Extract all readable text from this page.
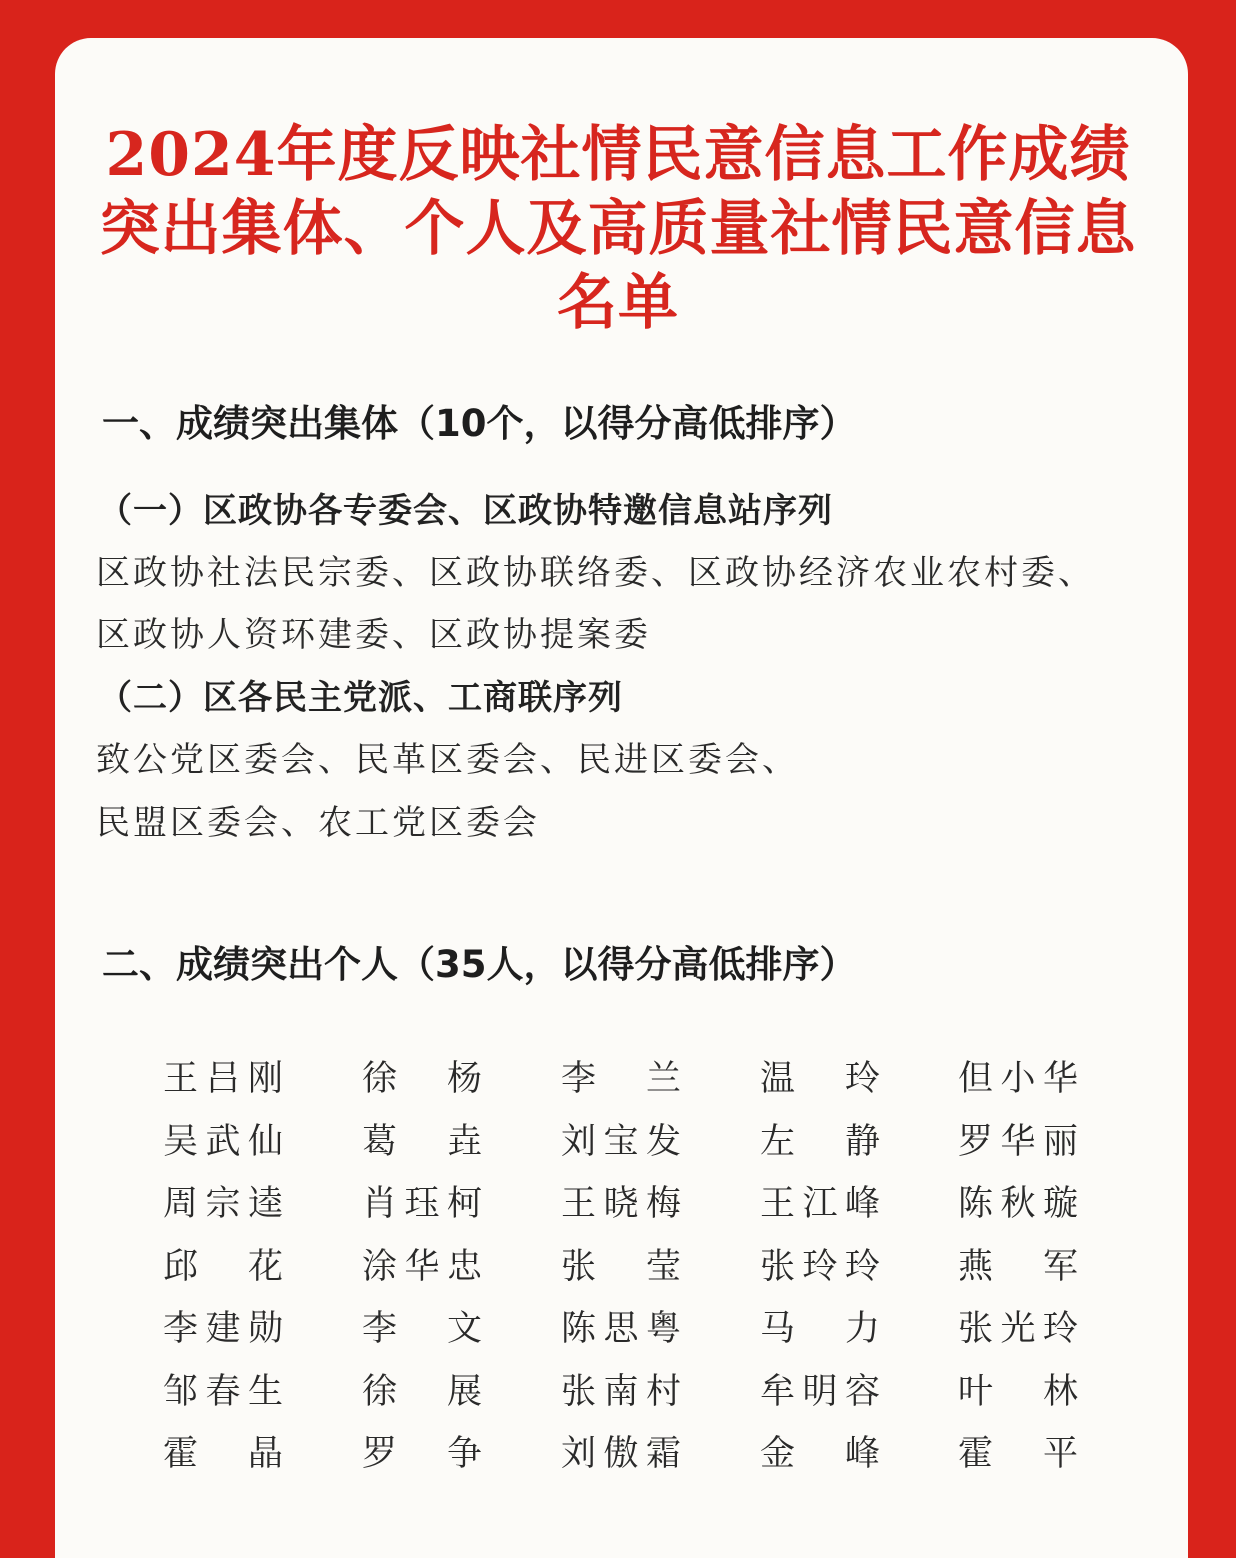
2024年度反映社情民意信息工作成绩
突出集体、个人及高质量社情民意信息
名单
一、成绩突出集体（10个，以得分高低排序）
（一）区政协各专委会、区政协特邀信息站序列
区政协社法民宗委、区政协联络委、区政协经济农业农村委、
区政协人资环建委、区政协提案委
（二）区各民主党派、工商联序列
致公党区委会、民革区委会、民进区委会、
民盟区委会、农工党区委会
二、成绩突出个人（35人，以得分高低排序）
王 吕 刚 徐 杨 李 兰 温 玲 但 小 华
吴 武 仙 葛 垚 刘 宝 发 左 静 罗 华 丽
周 宗 逵 肖 珏 柯 王 晓 梅 王 江 峰 陈 秋 璇
邱 花 涂 华 忠 张 莹 张 玲 玲 燕 军
李 建 勋 李 文 陈 思 粤 马 力 张 光 玲
邹 春 生 徐 展 张 南 村 牟 明 容 叶 林
霍 晶 罗 争 刘 傲 霜 金 峰 霍 平
